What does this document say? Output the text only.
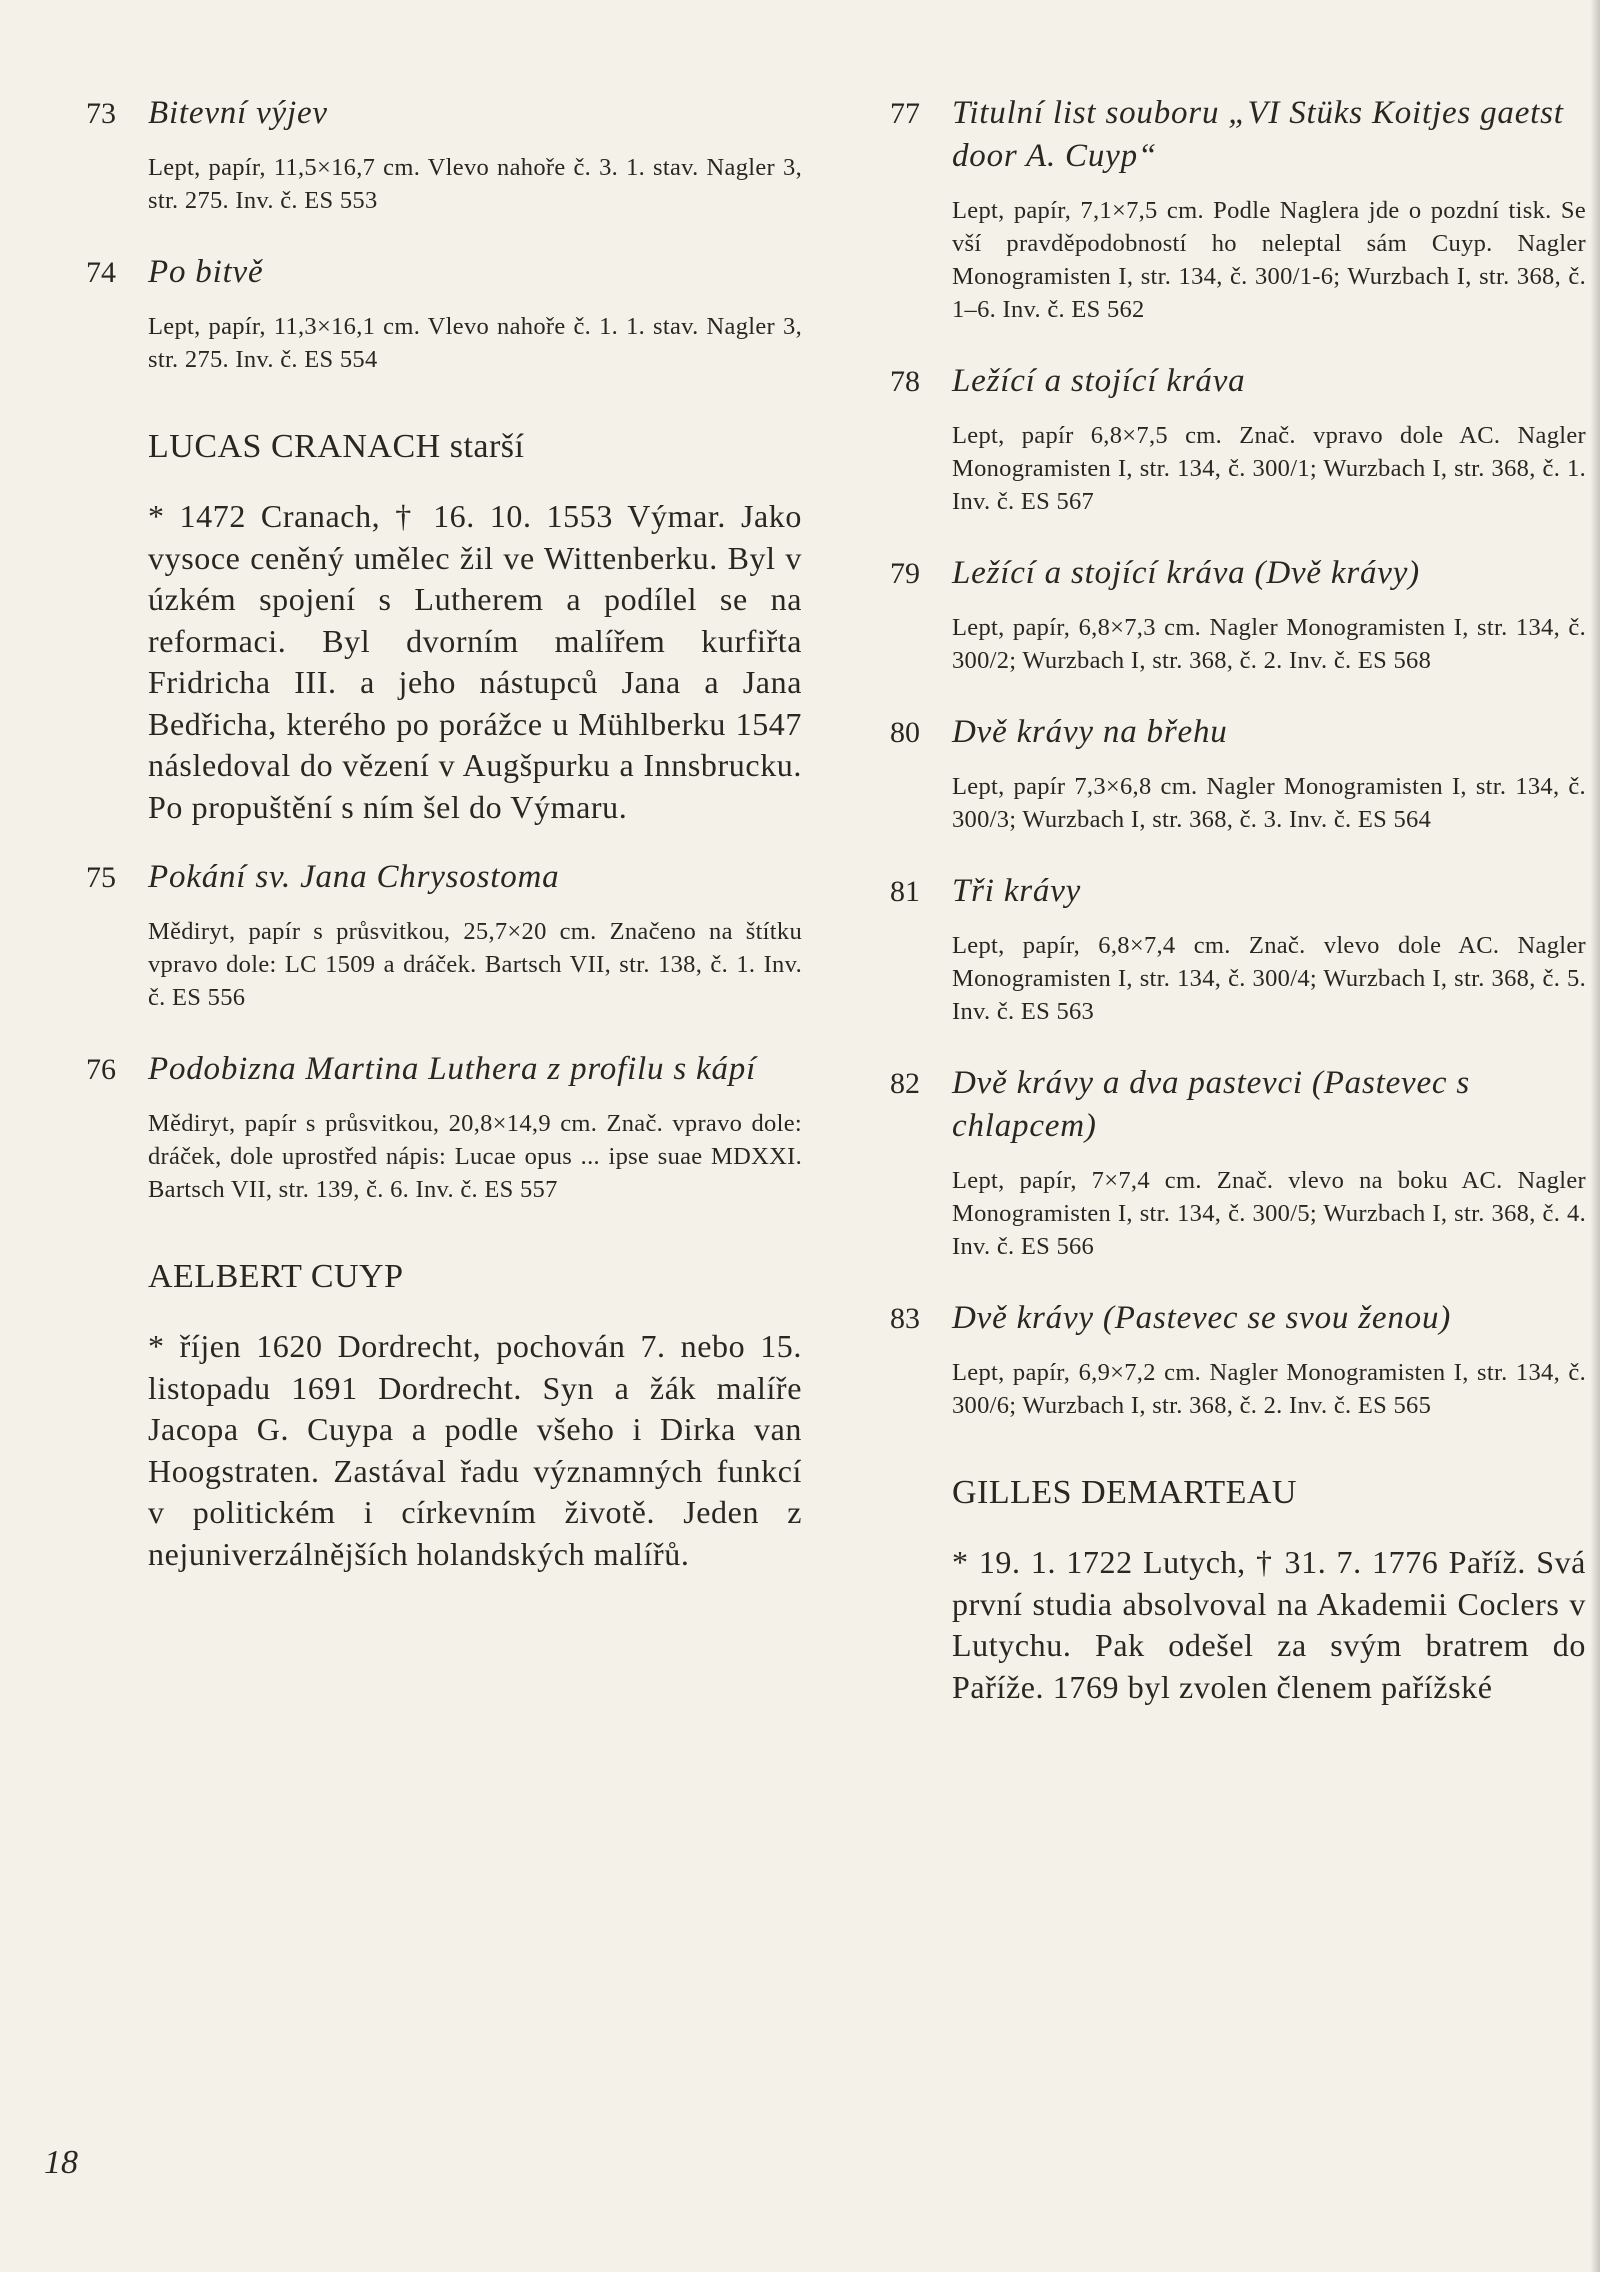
73 Bitevní výjev
Lept, papír, 11,5×16,7 cm. Vlevo nahoře č. 3. 1. stav. Nagler 3, str. 275. Inv. č. ES 553
74 Po bitvě
Lept, papír, 11,3×16,1 cm. Vlevo nahoře č. 1. 1. stav. Nagler 3, str. 275. Inv. č. ES 554
LUCAS CRANACH starší
* 1472 Cranach, † 16. 10. 1553 Výmar. Jako vysoce ceněný umělec žil ve Wittenberku. Byl v úzkém spojení s Lutherem a podílel se na reformaci. Byl dvorním malířem kurfiřta Fridricha III. a jeho nástupců Jana a Jana Bedřicha, kterého po porážce u Mühlberku 1547 následoval do vězení v Augšpurku a Innsbrucku. Po propuštění s ním šel do Výmaru.
75 Pokání sv. Jana Chrysostoma
Mědiryt, papír s průsvitkou, 25,7×20 cm. Značeno na štítku vpravo dole: LC 1509 a dráček. Bartsch VII, str. 138, č. 1. Inv. č. ES 556
76 Podobizna Martina Luthera z profilu s kápí
Mědiryt, papír s průsvitkou, 20,8×14,9 cm. Znač. vpravo dole: dráček, dole uprostřed nápis: Lucae opus ... ipse suae MDXXI. Bartsch VII, str. 139, č. 6. Inv. č. ES 557
AELBERT CUYP
* říjen 1620 Dordrecht, pochován 7. nebo 15. listopadu 1691 Dordrecht. Syn a žák malíře Jacopa G. Cuypa a podle všeho i Dirka van Hoogstraten. Zastával řadu významných funkcí v politickém i církevním životě. Jeden z nejuniverzálnějších holandských malířů.
77 Titulní list souboru „VI Stüks Koitjes gaetst door A. Cuyp“
Lept, papír, 7,1×7,5 cm. Podle Naglera jde o pozdní tisk. Se vší pravděpodobností ho neleptal sám Cuyp. Nagler Monogramisten I, str. 134, č. 300/1-6; Wurzbach I, str. 368, č. 1–6. Inv. č. ES 562
78 Ležící a stojící kráva
Lept, papír 6,8×7,5 cm. Znač. vpravo dole AC. Nagler Monogramisten I, str. 134, č. 300/1; Wurzbach I, str. 368, č. 1. Inv. č. ES 567
79 Ležící a stojící kráva (Dvě krávy)
Lept, papír, 6,8×7,3 cm. Nagler Monogramisten I, str. 134, č. 300/2; Wurzbach I, str. 368, č. 2. Inv. č. ES 568
80 Dvě krávy na břehu
Lept, papír 7,3×6,8 cm. Nagler Monogramisten I, str. 134, č. 300/3; Wurzbach I, str. 368, č. 3. Inv. č. ES 564
81 Tři krávy
Lept, papír, 6,8×7,4 cm. Znač. vlevo dole AC. Nagler Monogramisten I, str. 134, č. 300/4; Wurzbach I, str. 368, č. 5. Inv. č. ES 563
82 Dvě krávy a dva pastevci (Pastevec s chlapcem)
Lept, papír, 7×7,4 cm. Znač. vlevo na boku AC. Nagler Monogramisten I, str. 134, č. 300/5; Wurzbach I, str. 368, č. 4. Inv. č. ES 566
83 Dvě krávy (Pastevec se svou ženou)
Lept, papír, 6,9×7,2 cm. Nagler Monogramisten I, str. 134, č. 300/6; Wurzbach I, str. 368, č. 2. Inv. č. ES 565
GILLES DEMARTEAU
* 19. 1. 1722 Lutych, † 31. 7. 1776 Paříž. Svá první studia absolvoval na Akademii Coclers v Lutychu. Pak odešel za svým bratrem do Paříže. 1769 byl zvolen členem pařížské
18
